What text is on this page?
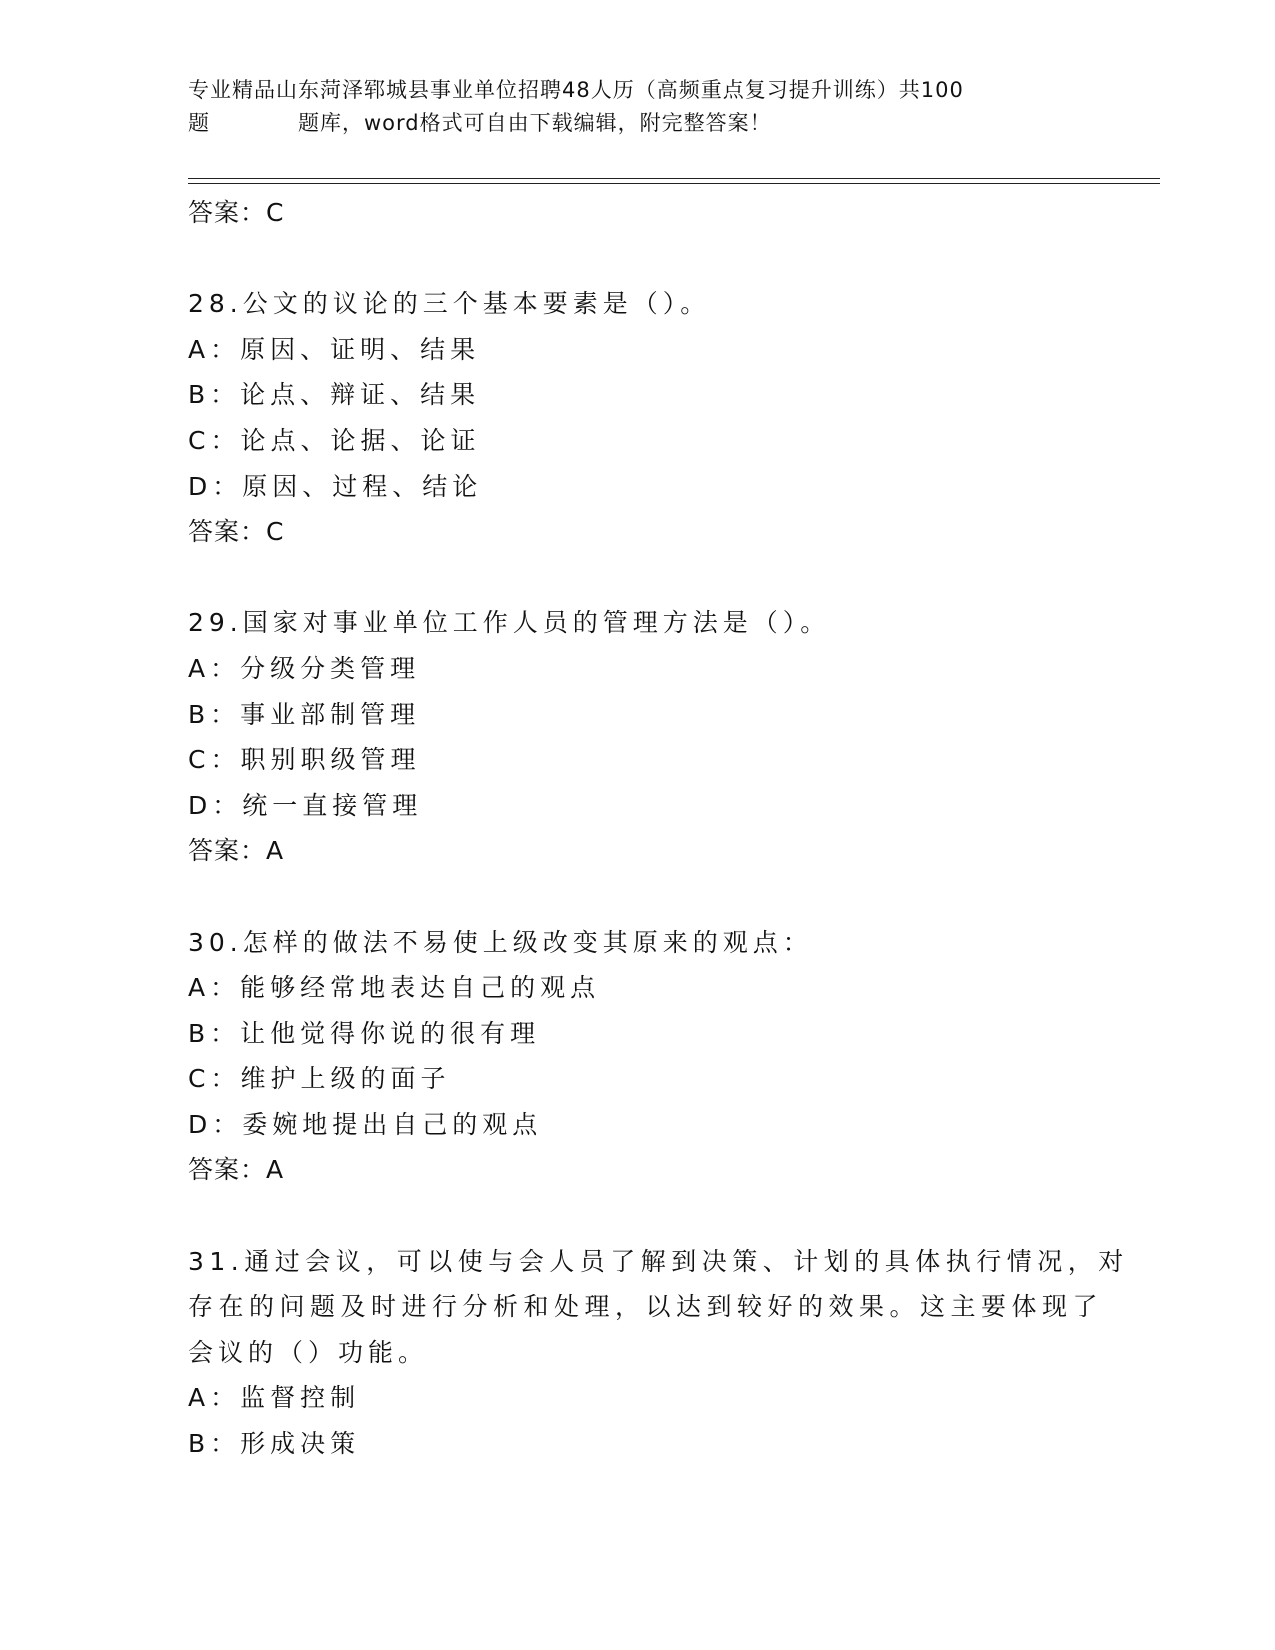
专业精品山东菏泽郓城县事业单位招聘48人历（高频重点复习提升训练）共100
题　　　　题库，word格式可自由下载编辑，附完整答案！
答案：C
28.公文的议论的三个基本要素是（）。
A：原因、证明、结果
B：论点、辩证、结果
C：论点、论据、论证
D：原因、过程、结论
答案：C
29.国家对事业单位工作人员的管理方法是（）。
A：分级分类管理
B：事业部制管理
C：职别职级管理
D：统一直接管理
答案：A
30.怎样的做法不易使上级改变其原来的观点：
A：能够经常地表达自己的观点
B：让他觉得你说的很有理
C：维护上级的面子
D：委婉地提出自己的观点
答案：A
31.通过会议，可以使与会人员了解到决策、计划的具体执行情况，对
存在的问题及时进行分析和处理，以达到较好的效果。这主要体现了
会议的（）功能。
A：监督控制
B：形成决策
